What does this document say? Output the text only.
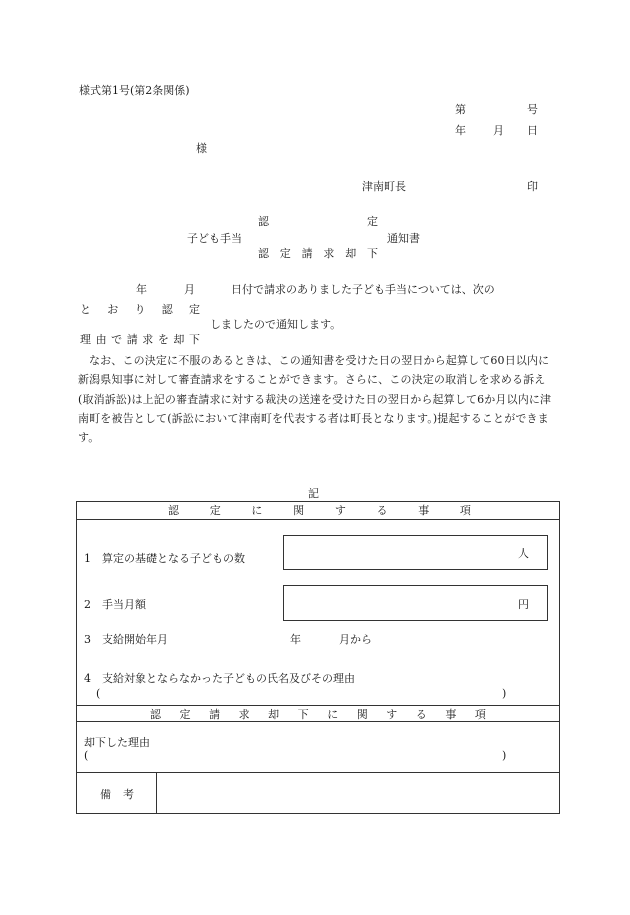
様式第1号(第2条関係)
第	号
年 月 日
様
津南町長	印
認	定
子ども手当	通知書
認 定 請 求 却 下
年	月	日付で請求のありました子ども手当については、次の
と お り 認 定
しましたので通知します。
理 由 で 請 求 を 却 下
なお、この決定に不服のあるときは、この通知書を受けた日の翌日から起算して60日以内に新潟県知事に対して審査請求をすることができます。さらに、この決定の取消しを求める訴え(取消訴訟)は上記の審査請求に対する裁決の送達を受けた日の翌日から起算して6か月以内に津南町を被告として(訴訟において津南町を代表する者は町長となります。)提起することができます。
記
認	定	に	関	す	る	事	項
1　算定の基礎となる子どもの数	人
2　手当月額	円
3　支給開始年月	年	月から
4　支給対象とならなかった子どもの氏名及びその理由
(	)
認 定 請 求 却 下 に 関 す る 事 項
却下した理由
(	)
備 考
